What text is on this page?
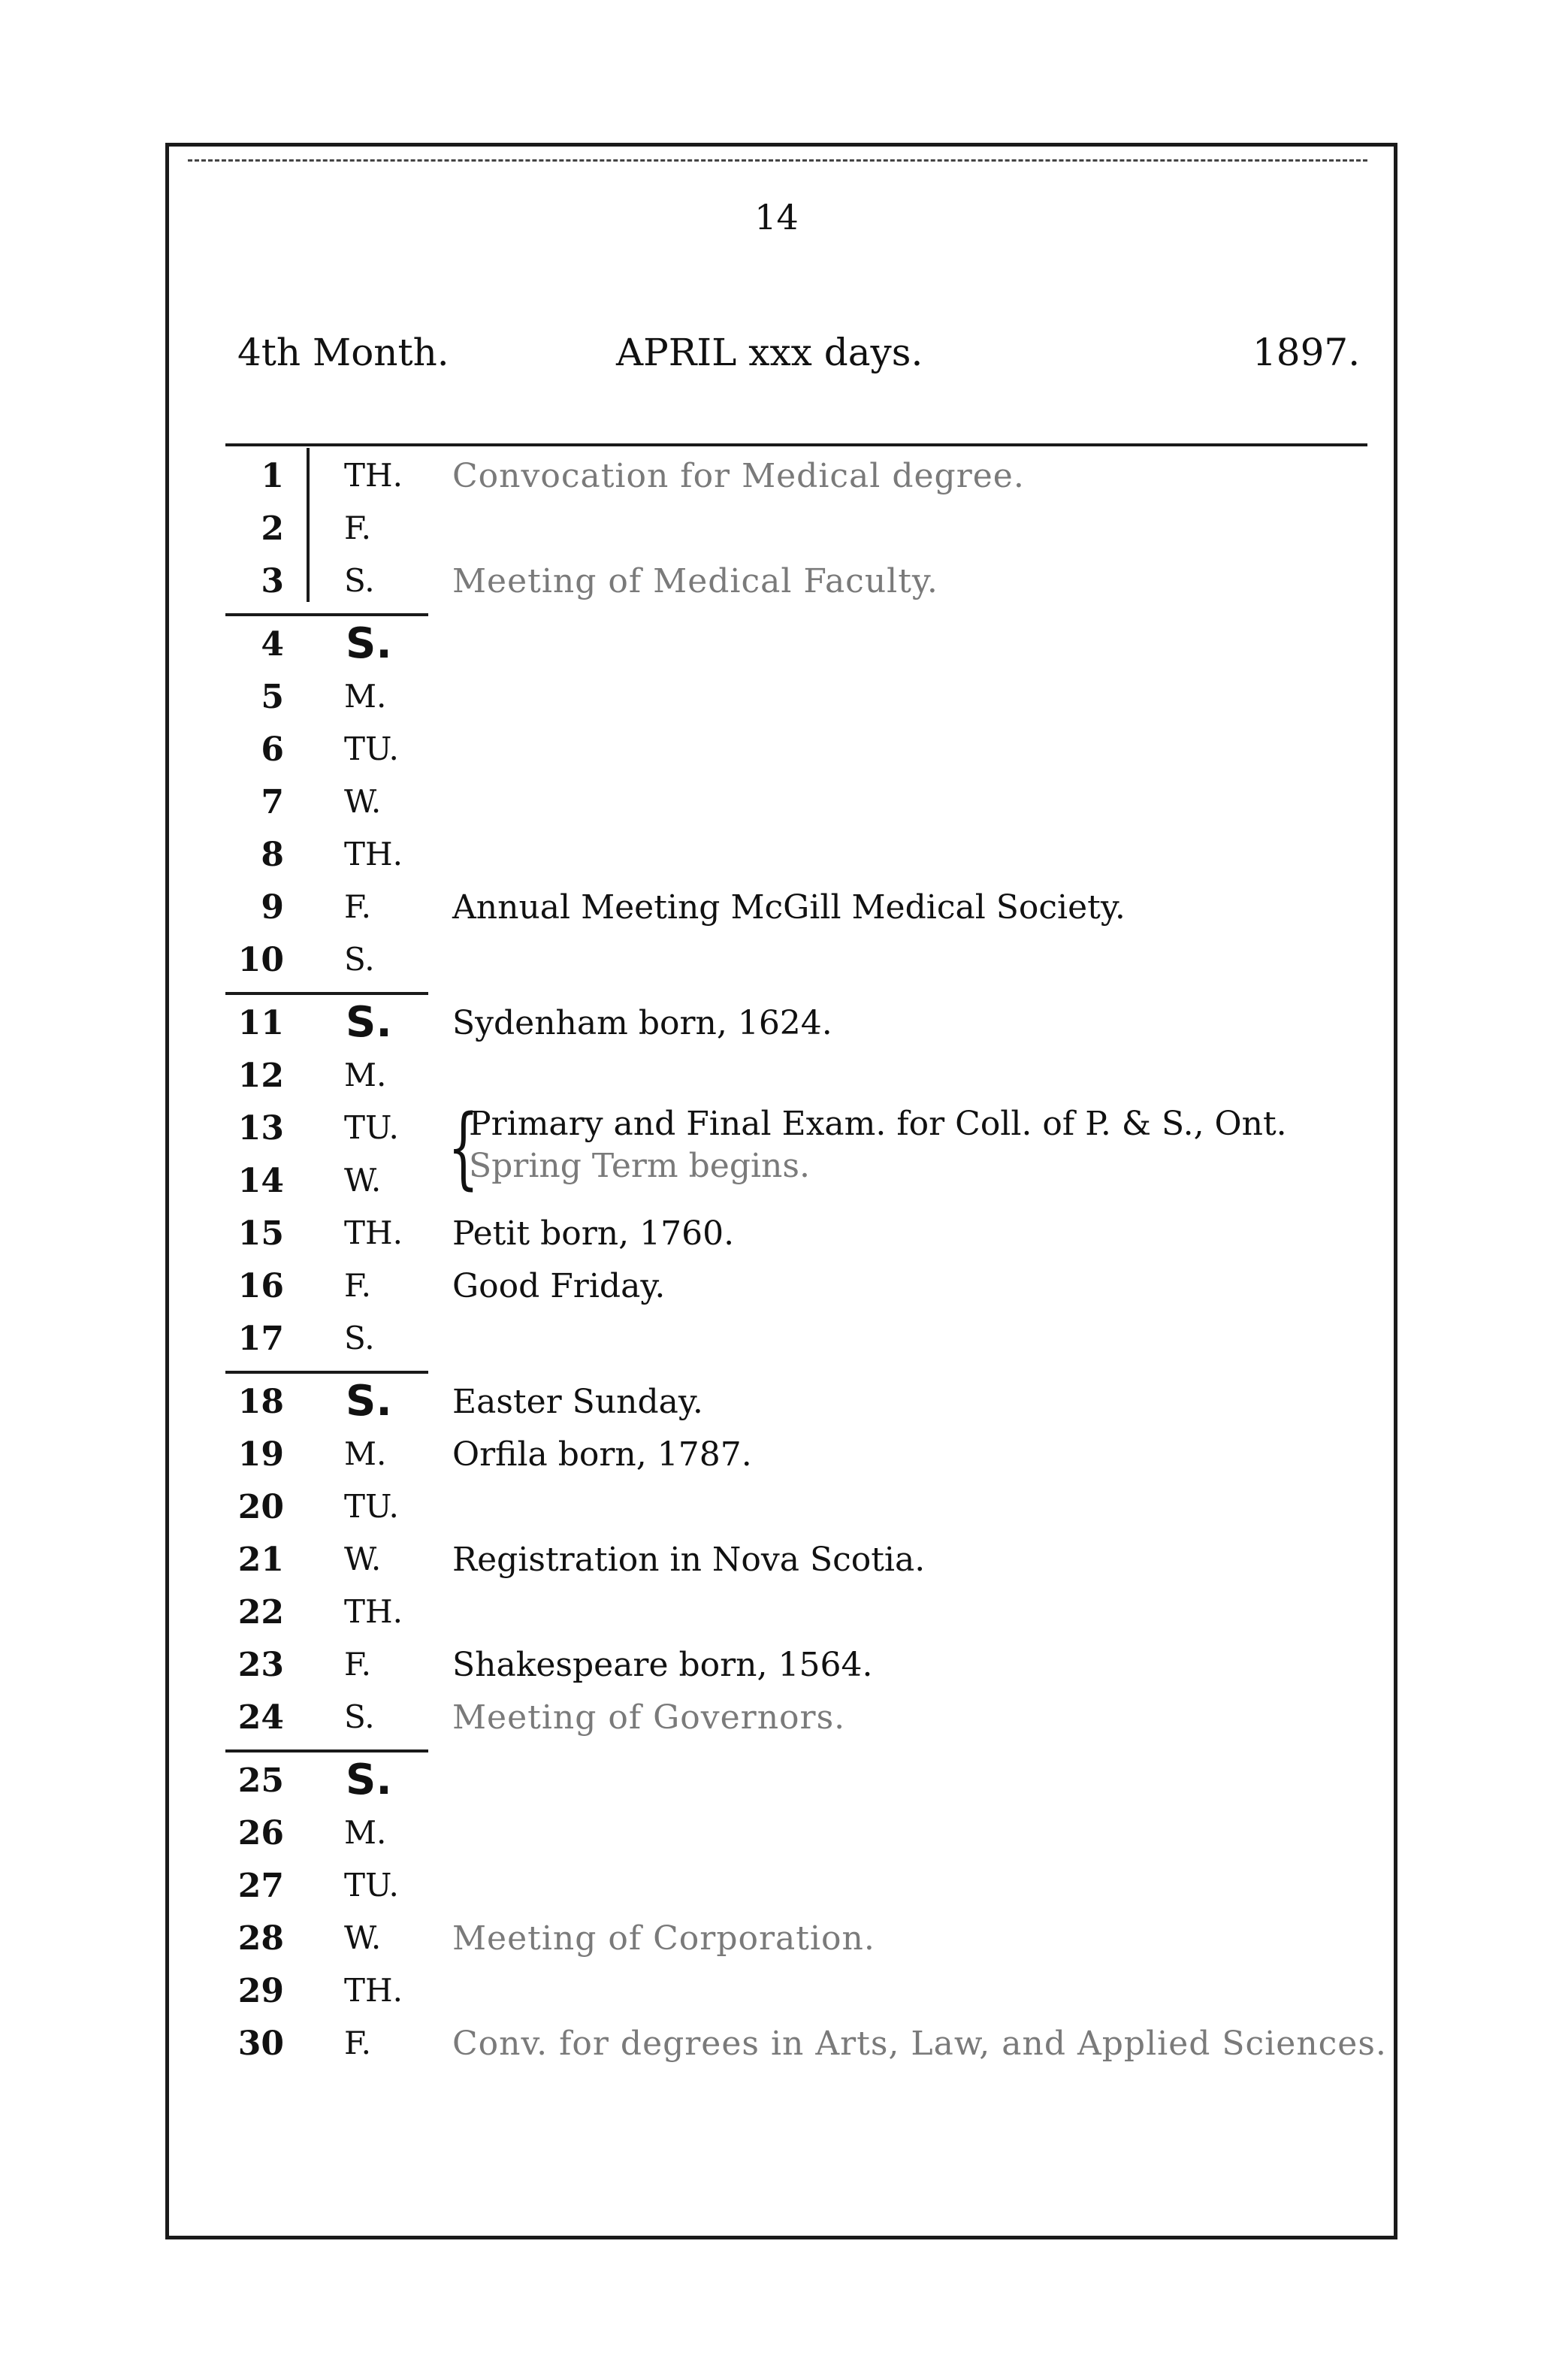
14
4th Month.	APRIL xxx days.	1897.
1 TH. Convocation for Medical degree.
2 F.
3 S. Meeting of Medical Faculty.
4 S.
5 M.
6 TU.
7 W.
8 TH.
9 F. Annual Meeting McGill Medical Society.
10 S.
11 S. Sydenham born, 1624.
12 M.
13 TU.
14 W.
15 TH. Petit born, 1760.
16 F. Good Friday.
17 S.
18 S. Easter Sunday.
19 M. Orfila born, 1787.
20 TU.
21 W. Registration in Nova Scotia.
22 TH.
23 F. Shakespeare born, 1564.
24 S. Meeting of Governors.
25 S.
26 M.
27 TU.
28 W. Meeting of Corporation.
29 TH.
30 F. Conv. for degrees in Arts, Law, and Applied Sciences.
{
Primary and Final Exam. for Coll. of P. & S., Ont.
Spring Term begins.
